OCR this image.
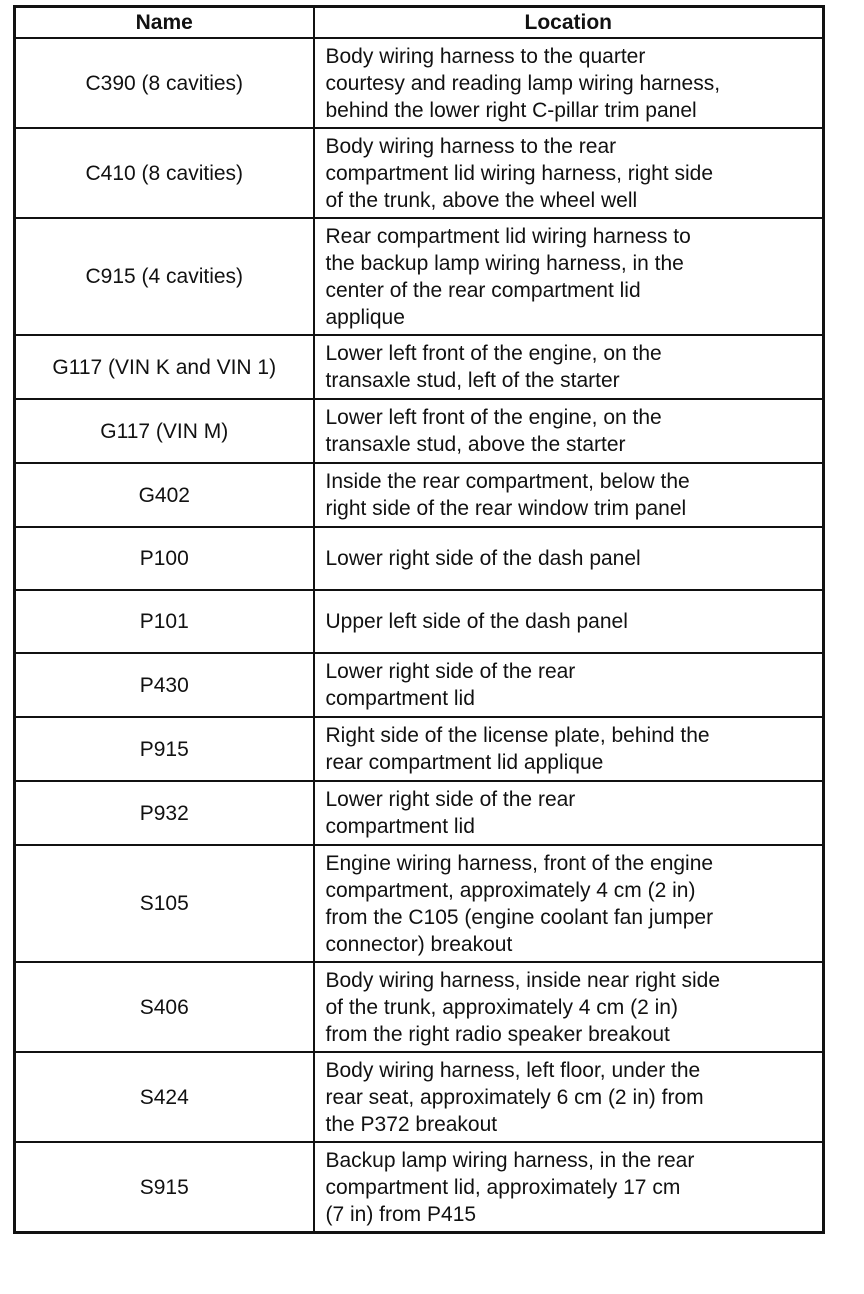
Name	Location
C390 (8 cavities)	Body wiring harness to the quarter
courtesy and reading lamp wiring harness,
behind the lower right C-pillar trim panel
C410 (8 cavities)	Body wiring harness to the rear
compartment lid wiring harness, right side
of the trunk, above the wheel well
C915 (4 cavities)	Rear compartment lid wiring harness to
the backup lamp wiring harness, in the
center of the rear compartment lid
applique
G117 (VIN K and VIN 1)	Lower left front of the engine, on the
transaxle stud, left of the starter
G117 (VIN M)	Lower left front of the engine, on the
transaxle stud, above the starter
G402	Inside the rear compartment, below the
right side of the rear window trim panel
P100	Lower right side of the dash panel
P101	Upper left side of the dash panel
P430	Lower right side of the rear
compartment lid
P915	Right side of the license plate, behind the
rear compartment lid applique
P932	Lower right side of the rear
compartment lid
S105	Engine wiring harness, front of the engine
compartment, approximately 4 cm (2 in)
from the C105 (engine coolant fan jumper
connector) breakout
S406	Body wiring harness, inside near right side
of the trunk, approximately 4 cm (2 in)
from the right radio speaker breakout
S424	Body wiring harness, left floor, under the
rear seat, approximately 6 cm (2 in) from
the P372 breakout
S915	Backup lamp wiring harness, in the rear
compartment lid, approximately 17 cm
(7 in) from P415
